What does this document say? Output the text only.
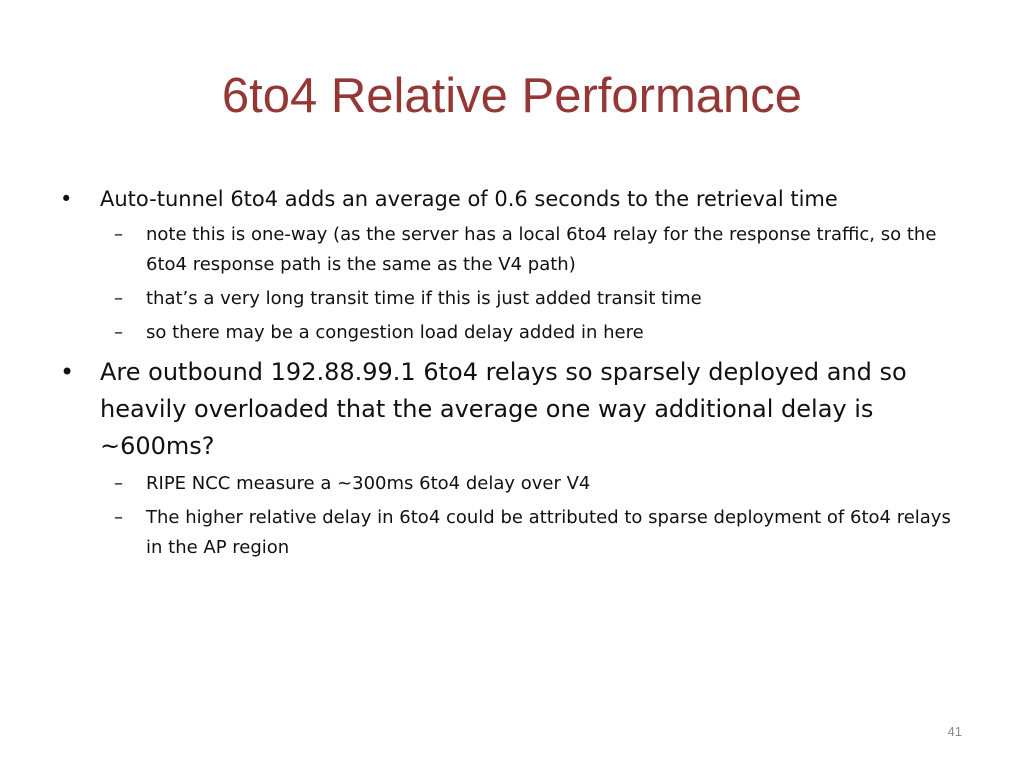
6to4 Relative Performance
•	Auto-tunnel 6to4 adds an average of 0.6 seconds to the retrieval time
– note this is one-way (as the server has a local 6to4 relay for the response traffic, so the 6to4 response path is the same as the V4 path)
– that’s a very long transit time if this is just added transit time
– so there may be a congestion load delay added in here
• Are outbound 192.88.99.1 6to4 relays so sparsely deployed and so heavily overloaded that the average one way additional delay is ~600ms?
– RIPE NCC measure a ~300ms 6to4 delay over V4
– The higher relative delay in 6to4 could be attributed to sparse deployment of 6to4 relays in the AP region
41
